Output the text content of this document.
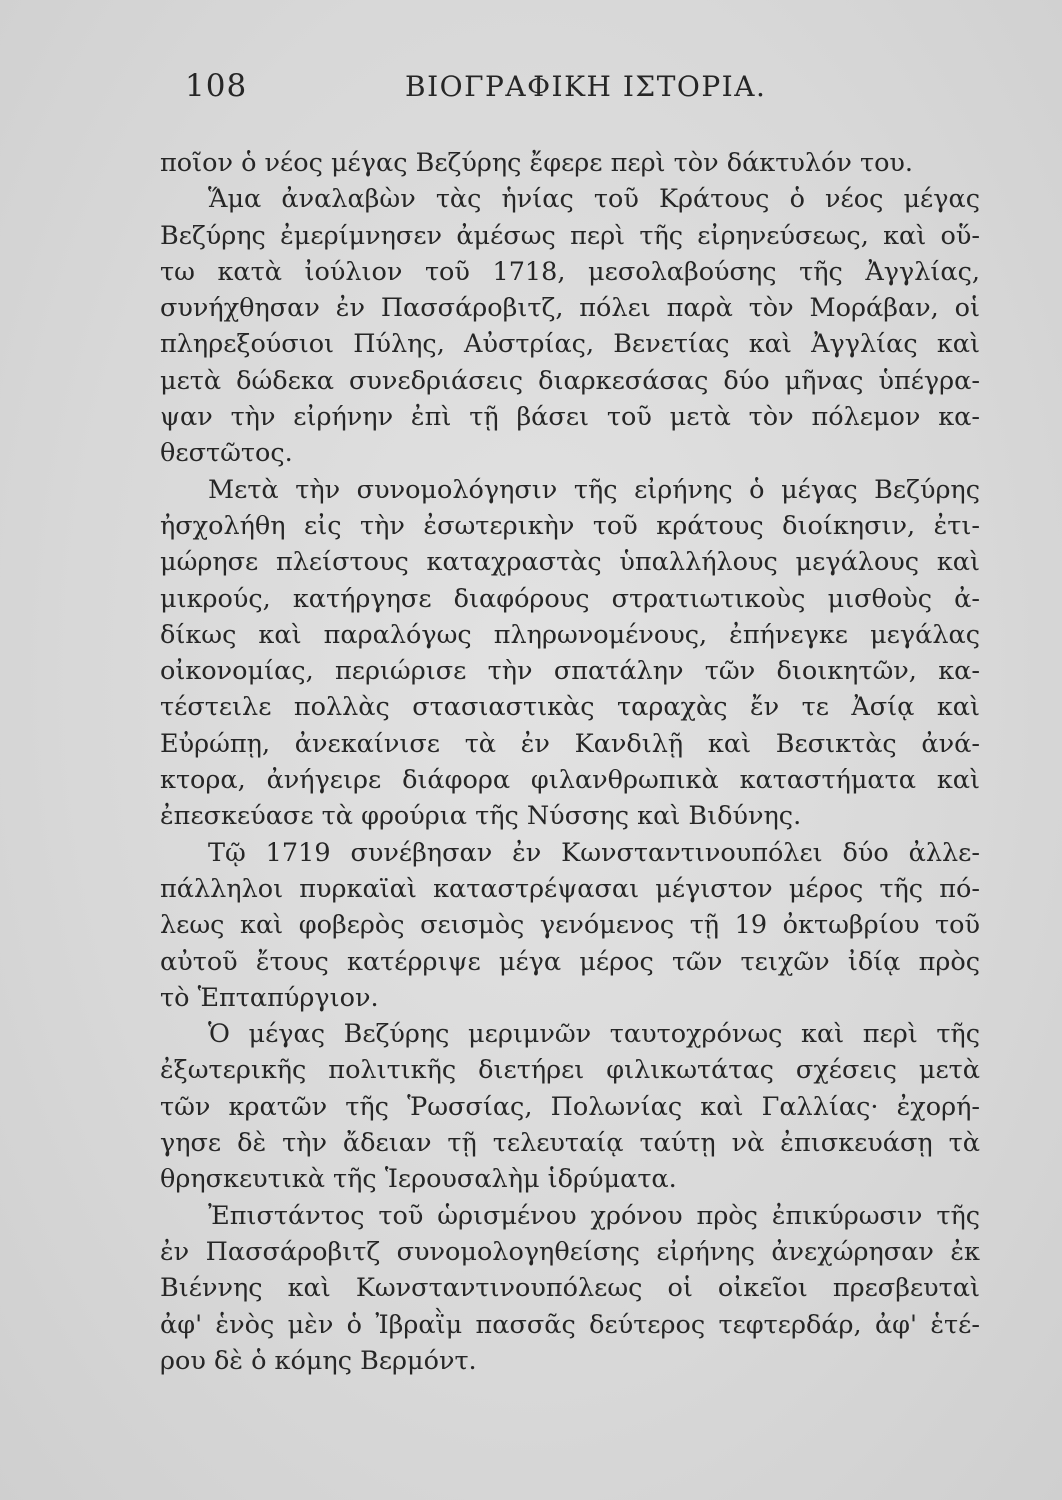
108	ΒΙΟΓΡΑΦΙΚΗ ΙΣΤΟΡΙΑ.
ποῖον ὁ νέος μέγας Βεζύρης ἔφερε περὶ τὸν δάκτυλόν του.
Ἅμα ἀναλαβὼν τὰς ἡνίας τοῦ Κράτους ὁ νέος μέγας
Βεζύρης ἐμερίμνησεν ἀμέσως περὶ τῆς εἰρηνεύσεως, καὶ οὕ-
τω κατὰ ἰούλιον τοῦ 1718, μεσολαβούσης τῆς Ἀγγλίας,
συνήχθησαν ἐν Πασσάροβιτζ, πόλει παρὰ τὸν Μοράβαν, οἱ
πληρεξούσιοι Πύλης, Αὐστρίας, Βενετίας καὶ Ἀγγλίας καὶ
μετὰ δώδεκα συνεδριάσεις διαρκεσάσας δύο μῆνας ὑπέγρα-
ψαν τὴν εἰρήνην ἐπὶ τῇ βάσει τοῦ μετὰ τὸν πόλεμον κα-
θεστῶτος.
Μετὰ τὴν συνομολόγησιν τῆς εἰρήνης ὁ μέγας Βεζύρης
ἠσχολήθη εἰς τὴν ἐσωτερικὴν τοῦ κράτους διοίκησιν, ἐτι-
μώρησε πλείστους καταχραστὰς ὑπαλλήλους μεγάλους καὶ
μικρούς, κατήργησε διαφόρους στρατιωτικοὺς μισθοὺς ἀ-
δίκως καὶ παραλόγως πληρωνομένους, ἐπήνεγκε μεγάλας
οἰκονομίας, περιώρισε τὴν σπατάλην τῶν διοικητῶν, κα-
τέστειλε πολλὰς στασιαστικὰς ταραχὰς ἔν τε Ἀσίᾳ καὶ
Εὐρώπῃ, ἀνεκαίνισε τὰ ἐν Κανδιλῇ καὶ Βεσικτὰς ἀνά-
κτορα, ἀνήγειρε διάφορα φιλανθρωπικὰ καταστήματα καὶ
ἐπεσκεύασε τὰ φρούρια τῆς Νύσσης καὶ Βιδύνης.
Τῷ 1719 συνέβησαν ἐν Κωνσταντινουπόλει δύο ἀλλε-
πάλληλοι πυρκαϊαὶ καταστρέψασαι μέγιστον μέρος τῆς πό-
λεως καὶ φοβερὸς σεισμὸς γενόμενος τῇ 19 ὀκτωβρίου τοῦ
αὐτοῦ ἔτους κατέρριψε μέγα μέρος τῶν τειχῶν ἰδίᾳ πρὸς
τὸ Ἑπταπύργιον.
Ὁ μέγας Βεζύρης μεριμνῶν ταυτοχρόνως καὶ περὶ τῆς
ἐξωτερικῆς πολιτικῆς διετήρει φιλικωτάτας σχέσεις μετὰ
τῶν κρατῶν τῆς Ῥωσσίας, Πολωνίας καὶ Γαλλίας· ἐχορή-
γησε δὲ τὴν ἄδειαν τῇ τελευταίᾳ ταύτῃ νὰ ἐπισκευάσῃ τὰ
θρησκευτικὰ τῆς Ἱερουσαλὴμ ἱδρύματα.
Ἐπιστάντος τοῦ ὡρισμένου χρόνου πρὸς ἐπικύρωσιν τῆς
ἐν Πασσάροβιτζ συνομολογηθείσης εἰρήνης ἀνεχώρησαν ἐκ
Βιέννης καὶ Κωνσταντινουπόλεως οἱ οἰκεῖοι πρεσβευταὶ
ἀφ' ἑνὸς μὲν ὁ Ἰβραῒμ πασσᾶς δεύτερος τεφτερδάρ, ἀφ' ἑτέ-
ρου δὲ ὁ κόμης Βερμόντ.
